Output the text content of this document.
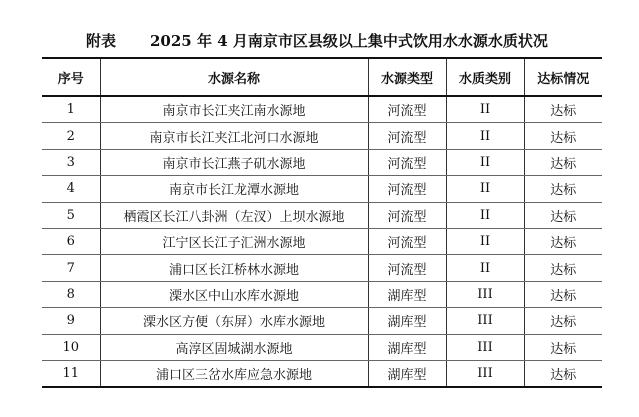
附表 2025 年 4 月南京市区县级以上集中式饮用水水源水质状况
序号	水源名称	水源类型	水质类别	达标情况
1	南京市长江夹江南水源地	河流型	II	达标
2	南京市长江夹江北河口水源地	河流型	II	达标
3	南京市长江燕子矶水源地	河流型	II	达标
4	南京市长江龙潭水源地	河流型	II	达标
5	栖霞区长江八卦洲（左汊）上坝水源地	河流型	II	达标
6	江宁区长江子汇洲水源地	河流型	II	达标
7	浦口区长江桥林水源地	河流型	II	达标
8	溧水区中山水库水源地	湖库型	III	达标
9	溧水区方便（东屏）水库水源地	湖库型	III	达标
10	高淳区固城湖水源地	湖库型	III	达标
11	浦口区三岔水库应急水源地	湖库型	III	达标
